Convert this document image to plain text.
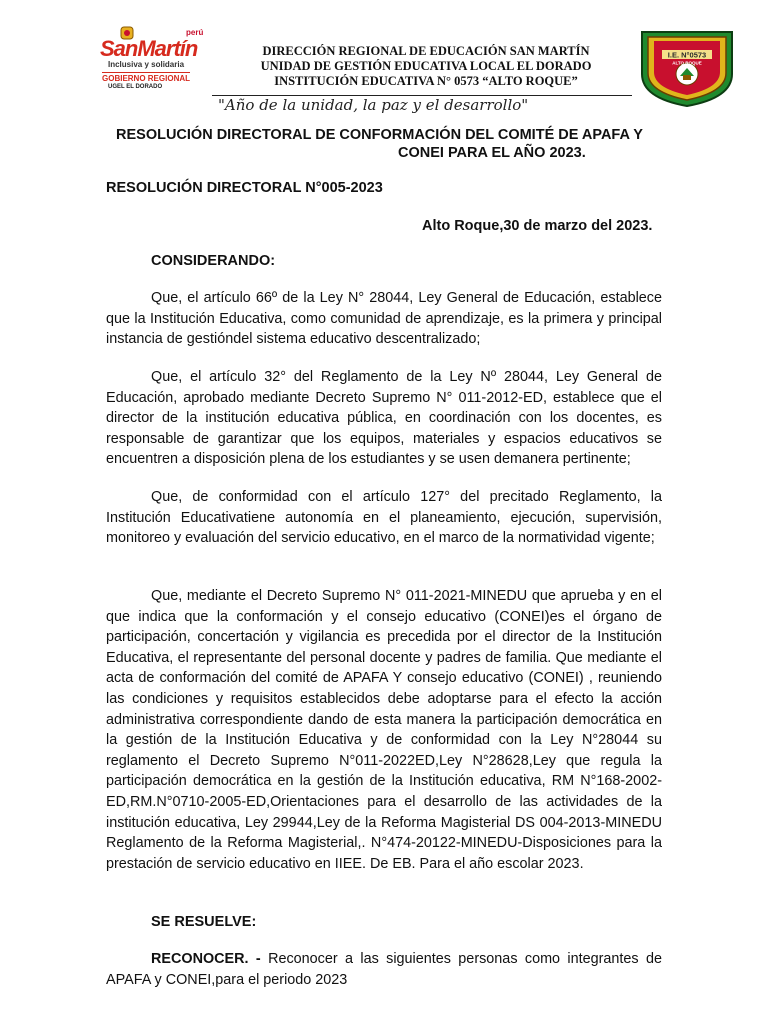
perú
SanMartín
Inclusiva y solidaria
GOBIERNO REGIONAL
UGEL EL DORADO
DIRECCIÓN REGIONAL DE EDUCACIÓN SAN MARTÍN
UNIDAD DE GESTIÓN EDUCATIVA LOCAL EL DORADO
INSTITUCIÓN EDUCATIVA N° 0573 “ALTO ROQUE”
I.E. N°0573
ALTO ROQUE
"Año de la unidad, la paz y el desarrollo"
RESOLUCIÓN DIRECTORAL DE CONFORMACIÓN DEL COMITÉ DE APAFA Y
CONEI PARA EL AÑO 2023.
RESOLUCIÓN DIRECTORAL N°005-2023
Alto Roque,30 de marzo del 2023.
CONSIDERANDO:
Que, el artículo 66º de la Ley N° 28044, Ley General de Educación, establece que la Institución Educativa, como comunidad de aprendizaje, es la primera y principal instancia de gestióndel sistema educativo descentralizado;
Que, el artículo 32° del Reglamento de la Ley Nº 28044, Ley General de Educación, aprobado mediante Decreto Supremo N° 011-2012-ED, establece que el director de la institución educativa pública, en coordinación con los docentes, es responsable de garantizar que los equipos, materiales y espacios educativos se encuentren a disposición plena de los estudiantes y se usen demanera pertinente;
Que, de conformidad con el artículo 127° del precitado Reglamento, la Institución Educativatiene autonomía en el planeamiento, ejecución, supervisión, monitoreo y evaluación del servicio educativo, en el marco de la normatividad vigente;
Que, mediante el Decreto Supremo N° 011-2021-MINEDU que aprueba y en el que indica que la conformación y el consejo educativo (CONEI)es el órgano de participación, concertación y vigilancia es precedida por el director de la Institución Educativa, el representante del personal docente y padres de familia. Que mediante el acta de conformación del comité de APAFA Y consejo educativo (CONEI) , reuniendo las condiciones y requisitos establecidos debe adoptarse para el efecto la acción administrativa correspondiente dando de esta manera la participación democrática en la gestión de la Institución Educativa y de conformidad con la Ley N°28044 su reglamento el Decreto Supremo N°011-2022ED,Ley N°28628,Ley que regula la participación democrática en la gestión de la Institución educativa, RM N°168-2002-ED,RM.N°0710-2005-ED,Orientaciones para el desarrollo de las actividades de la institución educativa, Ley 29944,Ley de la Reforma Magisterial DS 004-2013-MINEDU Reglamento de la Reforma Magisterial,. N°474-20122-MINEDU-Disposiciones para la prestación de servicio educativo en IIEE. De EB. Para el año escolar 2023.
SE RESUELVE:
RECONOCER. - Reconocer a las siguientes personas como integrantes de APAFA y CONEI,para el periodo 2023
